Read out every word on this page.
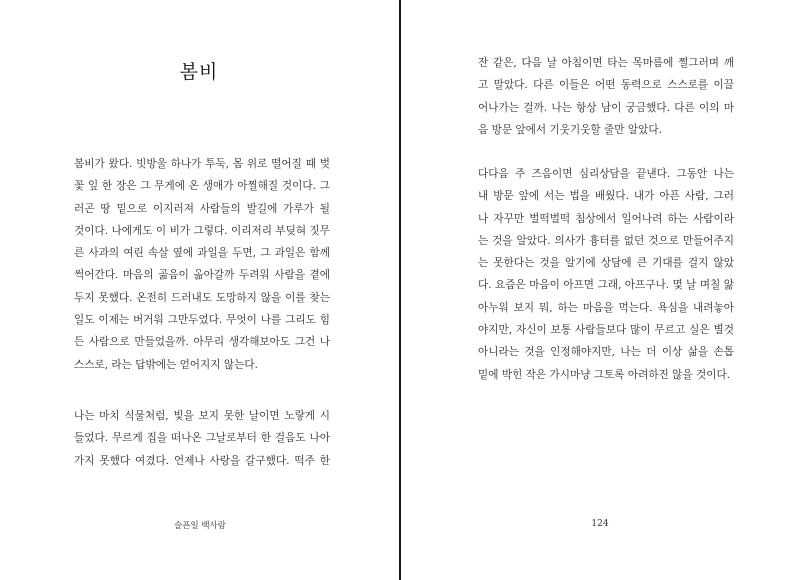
봄비

봄비가 왔다. 빗방울 하나가 투둑, 몸 위로 떨어질 때 벚
꽃 잎 한 장은 그 무게에 온 생애가 아찔해질 것이다. 그
러곤 땅 밑으로 이지러져 사람들의 발길에 가루가 될
것이다. 나에게도 이 비가 그렇다. 이리저리 부딪혀 짓무
른 사과의 여린 속살 옆에 과일을 두면, 그 과일은 함께
썩어간다. 마음의 곪음이 옮아갈까 두려워 사람을 곁에
두지 못했다. 온전히 드러내도 도망하지 않을 이를 찾는
일도 이제는 버거워 그만두었다. 무엇이 나를 그리도 힘
든 사람으로 만들었을까. 아무리 생각해보아도 그건 나
스스로, 라는 답밖에는 얻어지지 않는다.

나는 마치 식물처럼, 빛을 보지 못한 날이면 노랗게 시
들었다. 무르게 집을 떠나온 그날로부터 한 걸음도 나아
가지 못했다 여겼다. 언제나 사랑을 갈구했다. 떡주 한

슬픈일 백사람

잔 같은, 다음 날 아침이면 타는 목마름에 쩔그러며 깨
고 말았다. 다른 이들은 어떤 동력으로 스스로를 이끌
어나가는 걸까. 나는 항상 남이 궁금했다. 다른 이의 마
음 방문 앞에서 기웃기웃할 줄만 알았다.

다다음 주 즈음이면 심리상담을 끝낸다. 그동안 나는
내 방문 앞에 서는 법을 배웠다. 내가 아픈 사람, 그러
나 자꾸만 벌떡벌떡 침상에서 일어나려 하는 사람이라
는 것을 알았다. 의사가 흉터를 없던 것으로 만들어주지
는 못한다는 것을 알기에 상담에 큰 기대를 걸지 않았
다. 요즘은 마음이 아프면 그래, 아프구나. 몇 날 며칠 앓
아누워 보지 뭐, 하는 마음을 먹는다. 욕심을 내려놓아
야지만, 자신이 보통 사람들보다 많이 무르고 실은 별것
아니라는 것을 인정해야지만, 나는 더 이상 삶을 손톱
밑에 박힌 작은 가시마냥 그토록 아려하진 않을 것이다.

124
